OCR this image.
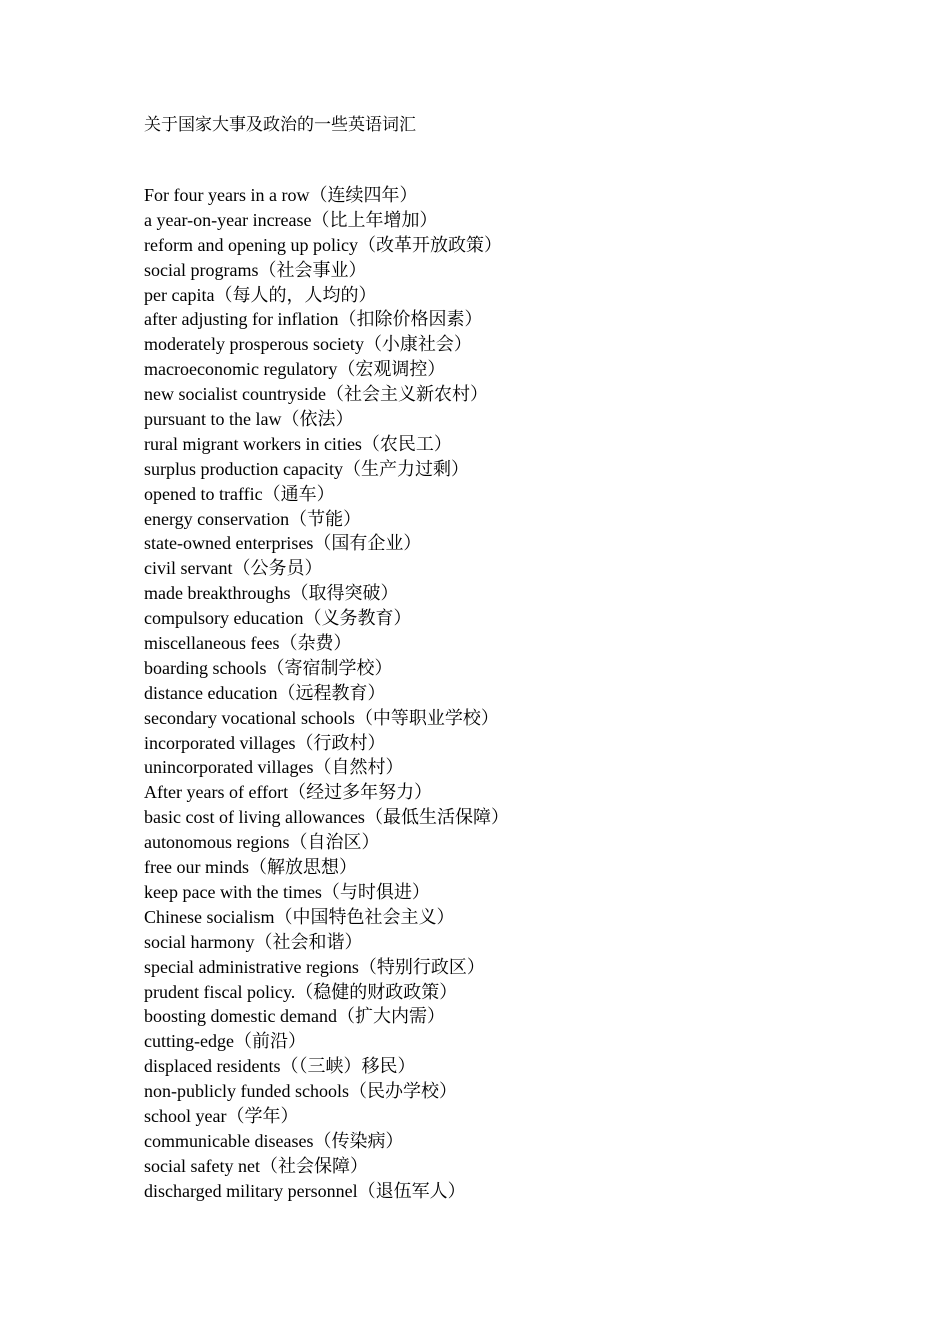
关于国家大事及政治的一些英语词汇
For four years in a row（连续四年）
a year-on-year increase（比上年增加）
reform and opening up policy（改革开放政策）
social programs（社会事业）
per capita（每人的，人均的）
after adjusting for inflation（扣除价格因素）
moderately prosperous society（小康社会）
macroeconomic regulatory（宏观调控）
new socialist countryside（社会主义新农村）
pursuant to the law（依法）
rural migrant workers in cities（农民工）
surplus production capacity（生产力过剩）
opened to traffic（通车）
energy conservation（节能）
state-owned enterprises（国有企业）
civil servant（公务员）
made breakthroughs（取得突破）
compulsory education（义务教育）
miscellaneous fees（杂费）
boarding schools（寄宿制学校）
distance education（远程教育）
secondary vocational schools（中等职业学校）
incorporated villages（行政村）
unincorporated villages（自然村）
After years of effort（经过多年努力）
basic cost of living allowances（最低生活保障）
autonomous regions（自治区）
free our minds（解放思想）
keep pace with the times（与时俱进）
Chinese socialism（中国特色社会主义）
social harmony（社会和谐）
special administrative regions（特别行政区）
prudent fiscal policy.（稳健的财政政策）
boosting domestic demand（扩大内需）
cutting-edge（前沿）
displaced residents（（三峡）移民）
non-publicly funded schools（民办学校）
school year（学年）
communicable diseases（传染病）
social safety net（社会保障）
discharged military personnel（退伍军人）
